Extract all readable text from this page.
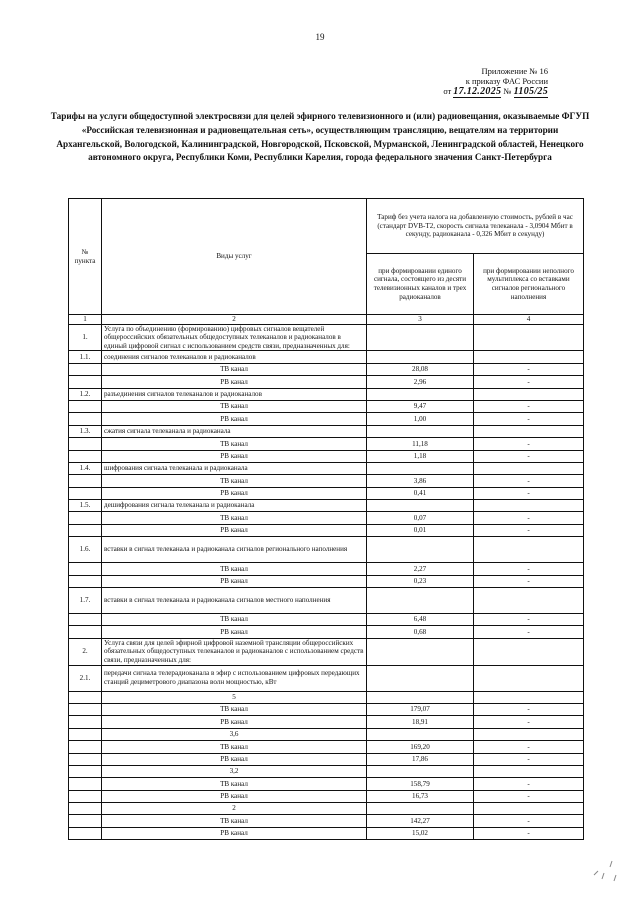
19
Приложение № 16
к приказу ФАС России
от 17.12.2025 № 1105/25
Тарифы на услуги общедоступной электросвязи для целей эфирного телевизионного и (или) радиовещания, оказываемые ФГУП «Российская телевизионная и радиовещательная сеть», осуществляющим трансляцию, вещателям на территории Архангельской, Вологодской, Калининградской, Новгородской, Псковской, Мурманской, Ленинградской областей, Ненецкого автономного округа, Республики Коми, Республики Карелия, города федерального значения Санкт-Петербурга
№ пункта	Виды услуг	Тариф без учета налога на добавленную стоимость, рублей в час (стандарт DVB-T2, скорость сигнала телеканала - 3,0904 Мбит в секунду, радиоканала - 0,326 Мбит в секунду)	
		при формировании единого сигнала, состоящего из десяти телевизионных каналов и трех радиоканалов	при формировании неполного мультиплекса со вставками сигналов регионального наполнения
1	2	3	4
1.	Услуга по объединению (формированию) цифровых сигналов вещателей общероссийских обязательных общедоступных телеканалов и радиоканалов в единый цифровой сигнал с использованием средств связи, предназначенных для:		
1.1.	соединения сигналов телеканалов и радиоканалов		
	ТВ канал	28,08	-
	РВ канал	2,96	-
1.2.	разъединения сигналов телеканалов и радиоканалов		
	ТВ канал	9,47	-
	РВ канал	1,00	-
1.3.	сжатия сигнала телеканала и радиоканала		
	ТВ канал	11,18	-
	РВ канал	1,18	-
1.4.	шифрования сигнала телеканала и радиоканала		
	ТВ канал	3,86	-
	РВ канал	0,41	-
1.5.	дешифрования сигнала телеканала и радиоканала		
	ТВ канал	0,07	-
	РВ канал	0,01	-
1.6.	вставки в сигнал телеканала и радиоканала сигналов регионального наполнения		
	ТВ канал	2,27	-
	РВ канал	0,23	-
1.7.	вставки в сигнал телеканала и радиоканала сигналов местного наполнения		
	ТВ канал	6,48	-
	РВ канал	0,68	-
2.	Услуга связи для целей эфирной цифровой наземной трансляции общероссийских обязательных общедоступных телеканалов и радиоканалов с использованием средств связи, предназначенных для:		
2.1.	передачи сигнала телерадиоканала в эфир с использованием цифровых передающих станций дециметрового диапазона волн мощностью, кВт		
	5		
	ТВ канал	179,07	-
	РВ канал	18,91	-
	3,6		
	ТВ канал	169,20	-
	РВ канал	17,86	-
	3,2		
	ТВ канал	158,79	-
	РВ канал	16,73	-
	2		
	ТВ канал	142,27	-
	РВ канал	15,02	-
